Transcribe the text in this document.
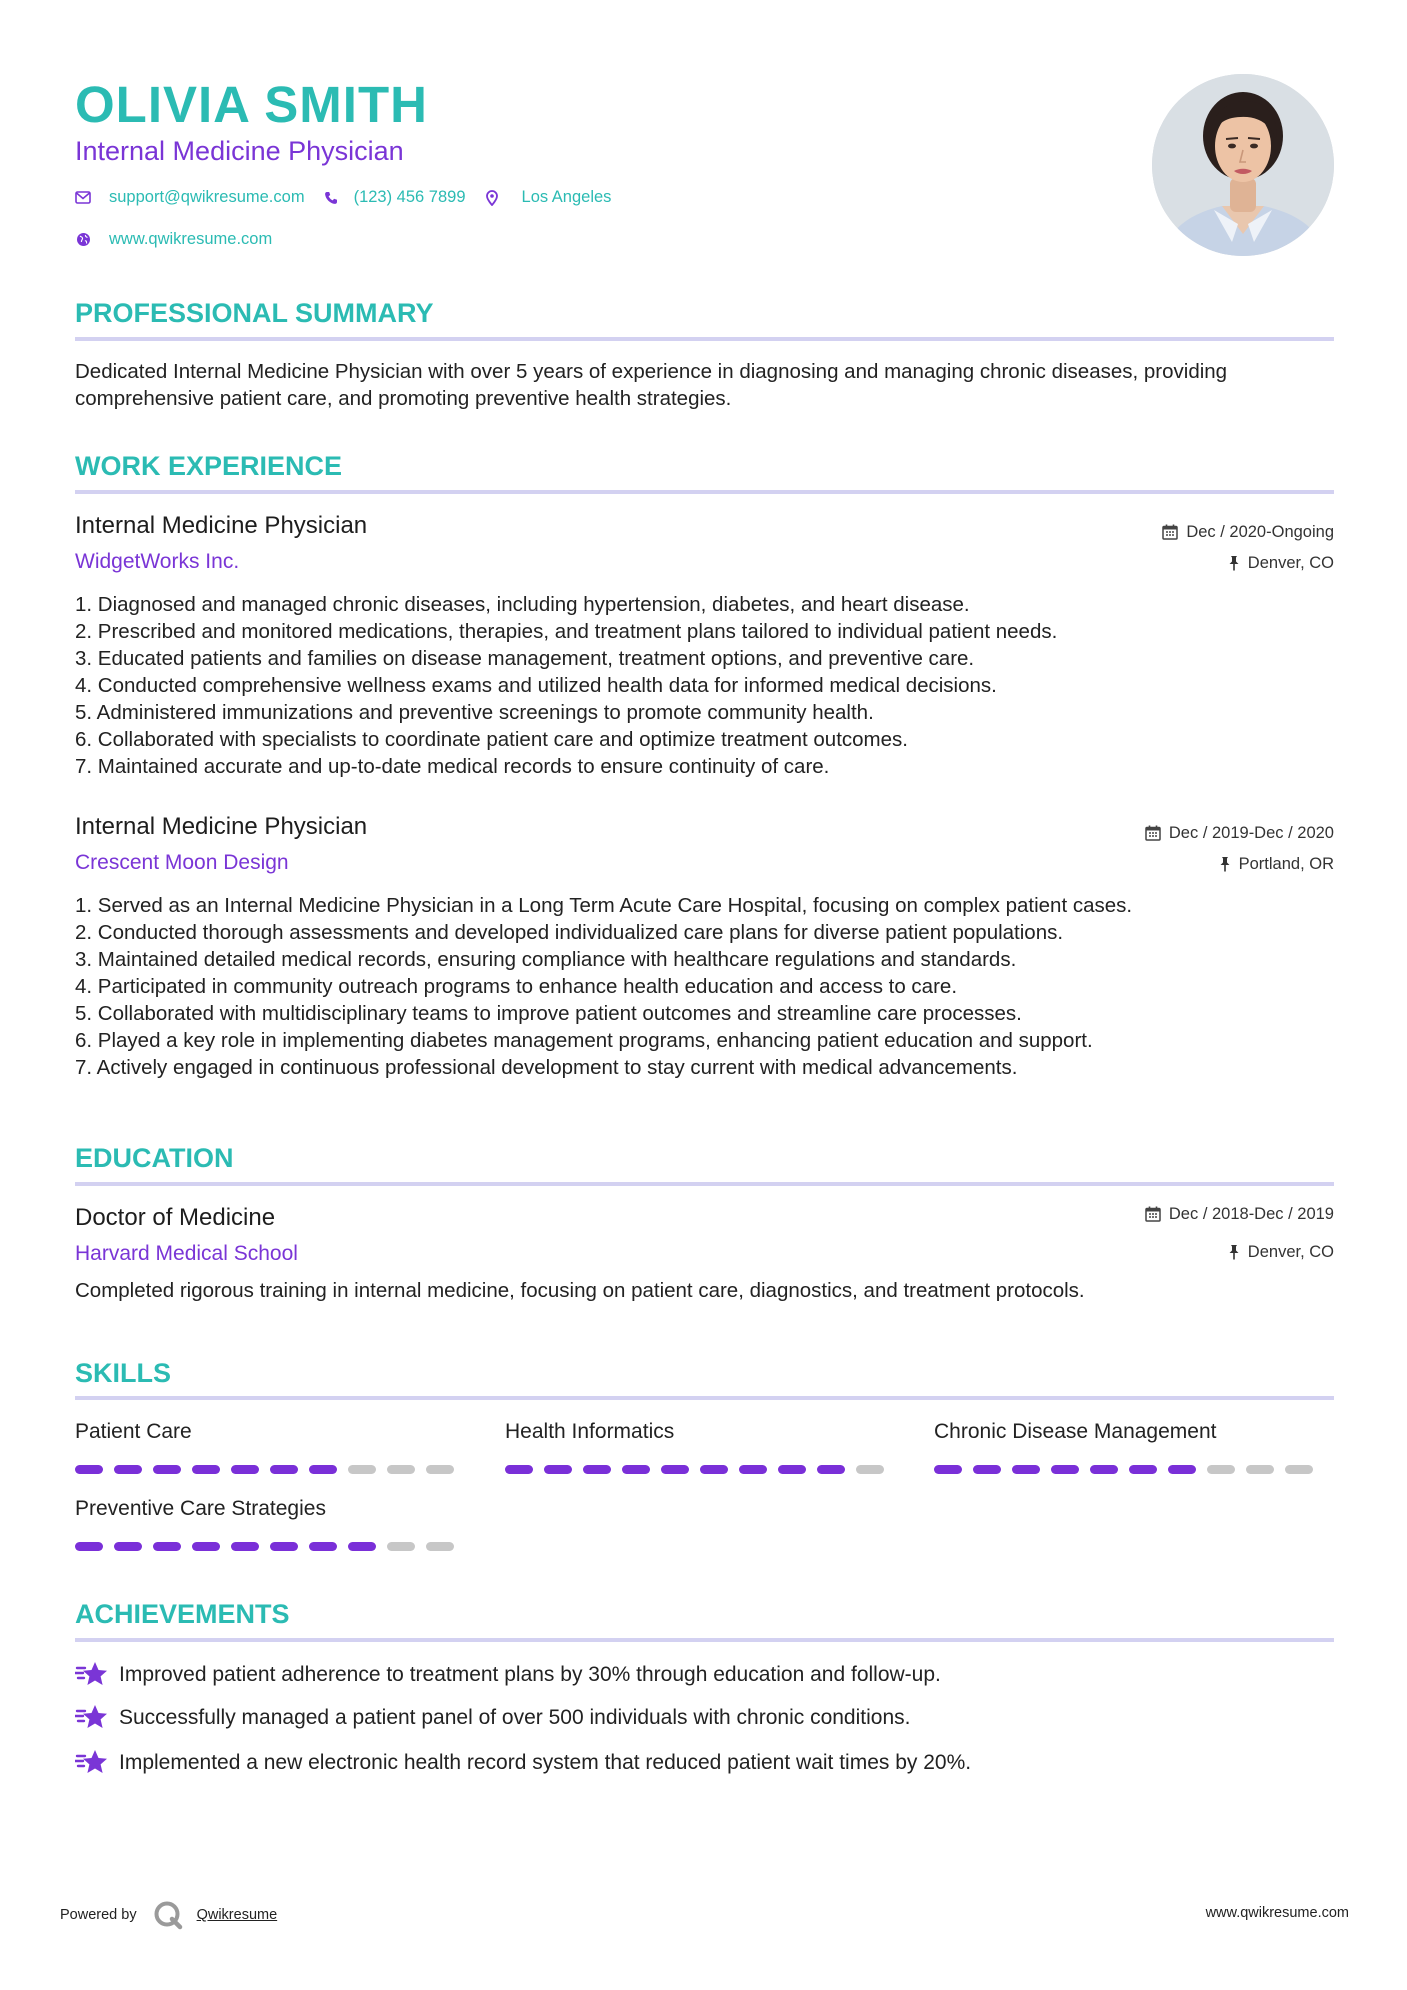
OLIVIA SMITH
Internal Medicine Physician
support@qwikresume.com	(123) 456 7899	Los Angeles
www.qwikresume.com
PROFESSIONAL SUMMARY
Dedicated Internal Medicine Physician with over 5 years of experience in diagnosing and managing chronic diseases, providing comprehensive patient care, and promoting preventive health strategies.
WORK EXPERIENCE
Internal Medicine Physician	Dec / 2020-Ongoing
WidgetWorks Inc.	Denver, CO
1. Diagnosed and managed chronic diseases, including hypertension, diabetes, and heart disease.
2. Prescribed and monitored medications, therapies, and treatment plans tailored to individual patient needs.
3. Educated patients and families on disease management, treatment options, and preventive care.
4. Conducted comprehensive wellness exams and utilized health data for informed medical decisions.
5. Administered immunizations and preventive screenings to promote community health.
6. Collaborated with specialists to coordinate patient care and optimize treatment outcomes.
7. Maintained accurate and up-to-date medical records to ensure continuity of care.
Internal Medicine Physician	Dec / 2019-Dec / 2020
Crescent Moon Design	Portland, OR
1. Served as an Internal Medicine Physician in a Long Term Acute Care Hospital, focusing on complex patient cases.
2. Conducted thorough assessments and developed individualized care plans for diverse patient populations.
3. Maintained detailed medical records, ensuring compliance with healthcare regulations and standards.
4. Participated in community outreach programs to enhance health education and access to care.
5. Collaborated with multidisciplinary teams to improve patient outcomes and streamline care processes.
6. Played a key role in implementing diabetes management programs, enhancing patient education and support.
7. Actively engaged in continuous professional development to stay current with medical advancements.
EDUCATION
Doctor of Medicine	Dec / 2018-Dec / 2019
Harvard Medical School	Denver, CO
Completed rigorous training in internal medicine, focusing on patient care, diagnostics, and treatment protocols.
SKILLS
Patient Care	Health Informatics	Chronic Disease Management
Preventive Care Strategies
ACHIEVEMENTS
Improved patient adherence to treatment plans by 30% through education and follow-up.
Successfully managed a patient panel of over 500 individuals with chronic conditions.
Implemented a new electronic health record system that reduced patient wait times by 20%.
Powered by	Qwikresume	www.qwikresume.com
